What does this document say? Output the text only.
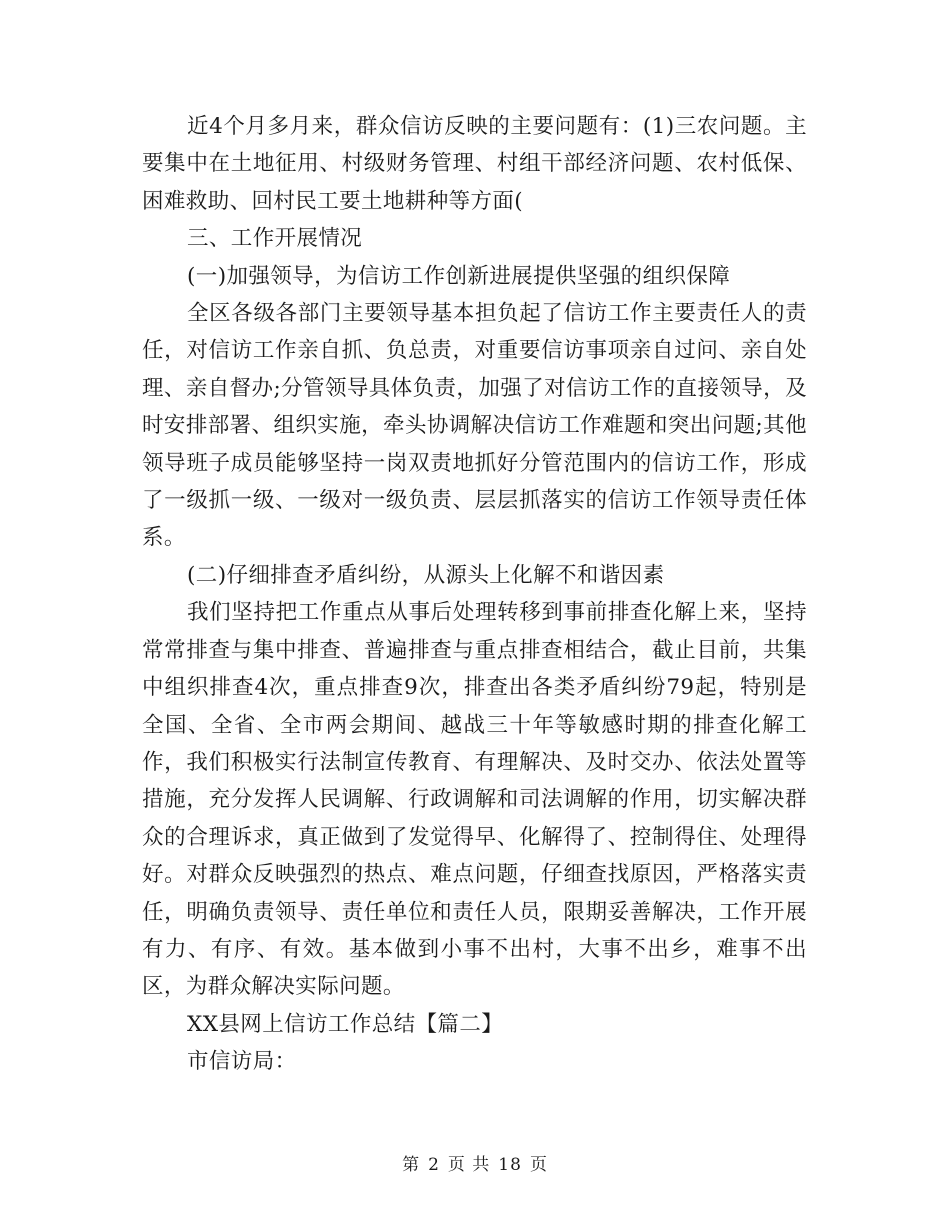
近4个月多月来，群众信访反映的主要问题有：(1)三农问题。主要集中在土地征用、村级财务管理、村组干部经济问题、农村低保、困难救助、回村民工要土地耕种等方面(

三、工作开展情况

(一)加强领导，为信访工作创新进展提供坚强的组织保障

全区各级各部门主要领导基本担负起了信访工作主要责任人的责任，对信访工作亲自抓、负总责，对重要信访事项亲自过问、亲自处理、亲自督办;分管领导具体负责，加强了对信访工作的直接领导，及时安排部署、组织实施，牵头协调解决信访工作难题和突出问题;其他领导班子成员能够坚持一岗双责地抓好分管范围内的信访工作，形成了一级抓一级、一级对一级负责、层层抓落实的信访工作领导责任体系。

(二)仔细排查矛盾纠纷，从源头上化解不和谐因素

我们坚持把工作重点从事后处理转移到事前排查化解上来，坚持常常排查与集中排查、普遍排查与重点排查相结合，截止目前，共集中组织排查4次，重点排查9次，排查出各类矛盾纠纷79起，特别是全国、全省、全市两会期间、越战三十年等敏感时期的排查化解工作，我们积极实行法制宣传教育、有理解决、及时交办、依法处置等措施，充分发挥人民调解、行政调解和司法调解的作用，切实解决群众的合理诉求，真正做到了发觉得早、化解得了、控制得住、处理得好。对群众反映强烈的热点、难点问题，仔细查找原因，严格落实责任，明确负责领导、责任单位和责任人员，限期妥善解决，工作开展有力、有序、有效。基本做到小事不出村，大事不出乡，难事不出区，为群众解决实际问题。

XX县网上信访工作总结【篇二】

市信访局：

第 2 页 共 18 页
